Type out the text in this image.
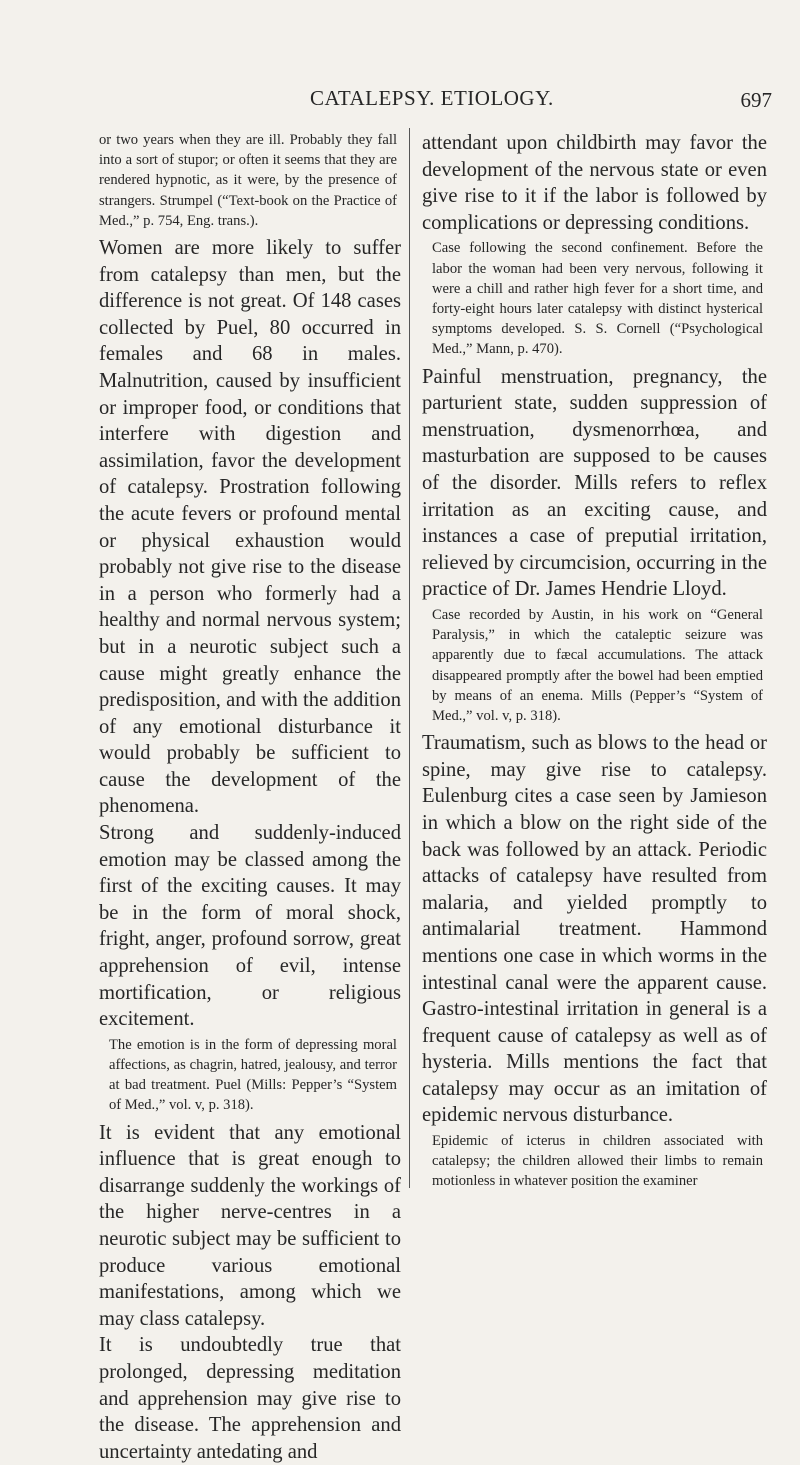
CATALEPSY. ETIOLOGY.	697

or two years when they are ill. Probably they fall into a sort of stupor; or often it seems that they are rendered hypnotic, as it were, by the presence of strangers. Strumpel (“Text-book on the Practice of Med.,” p. 754, Eng. trans.).

Women are more likely to suffer from catalepsy than men, but the difference is not great. Of 148 cases collected by Puel, 80 occurred in females and 68 in males. Malnutrition, caused by insufficient or improper food, or conditions that interfere with digestion and assimilation, favor the development of catalepsy. Prostration following the acute fevers or profound mental or physical exhaustion would probably not give rise to the disease in a person who formerly had a healthy and normal nervous system; but in a neurotic subject such a cause might greatly enhance the predisposition, and with the addition of any emotional disturbance it would probably be sufficient to cause the development of the phenomena.

Strong and suddenly-induced emotion may be classed among the first of the exciting causes. It may be in the form of moral shock, fright, anger, profound sorrow, great apprehension of evil, intense mortification, or religious excitement.

The emotion is in the form of depressing moral affections, as chagrin, hatred, jealousy, and terror at bad treatment. Puel (Mills: Pepper’s “System of Med.,” vol. v, p. 318).

It is evident that any emotional influence that is great enough to disarrange suddenly the workings of the higher nerve-centres in a neurotic subject may be sufficient to produce various emotional manifestations, among which we may class catalepsy.

It is undoubtedly true that prolonged, depressing meditation and apprehension may give rise to the disease. The apprehension and uncertainty antedating and

attendant upon childbirth may favor the development of the nervous state or even give rise to it if the labor is followed by complications or depressing conditions.

Case following the second confinement. Before the labor the woman had been very nervous, following it were a chill and rather high fever for a short time, and forty-eight hours later catalepsy with distinct hysterical symptoms developed. S. S. Cornell (“Psychological Med.,” Mann, p. 470).

Painful menstruation, pregnancy, the parturient state, sudden suppression of menstruation, dysmenorrhœa, and masturbation are supposed to be causes of the disorder. Mills refers to reflex irritation as an exciting cause, and instances a case of preputial irritation, relieved by circumcision, occurring in the practice of Dr. James Hendrie Lloyd.

Case recorded by Austin, in his work on “General Paralysis,” in which the cataleptic seizure was apparently due to fæcal accumulations. The attack disappeared promptly after the bowel had been emptied by means of an enema. Mills (Pepper’s “System of Med.,” vol. v, p. 318).

Traumatism, such as blows to the head or spine, may give rise to catalepsy. Eulenburg cites a case seen by Jamieson in which a blow on the right side of the back was followed by an attack. Periodic attacks of catalepsy have resulted from malaria, and yielded promptly to antimalarial treatment. Hammond mentions one case in which worms in the intestinal canal were the apparent cause. Gastro-intestinal irritation in general is a frequent cause of catalepsy as well as of hysteria. Mills mentions the fact that catalepsy may occur as an imitation of epidemic nervous disturbance.

Epidemic of icterus in children associated with catalepsy; the children allowed their limbs to remain motionless in whatever position the examiner
